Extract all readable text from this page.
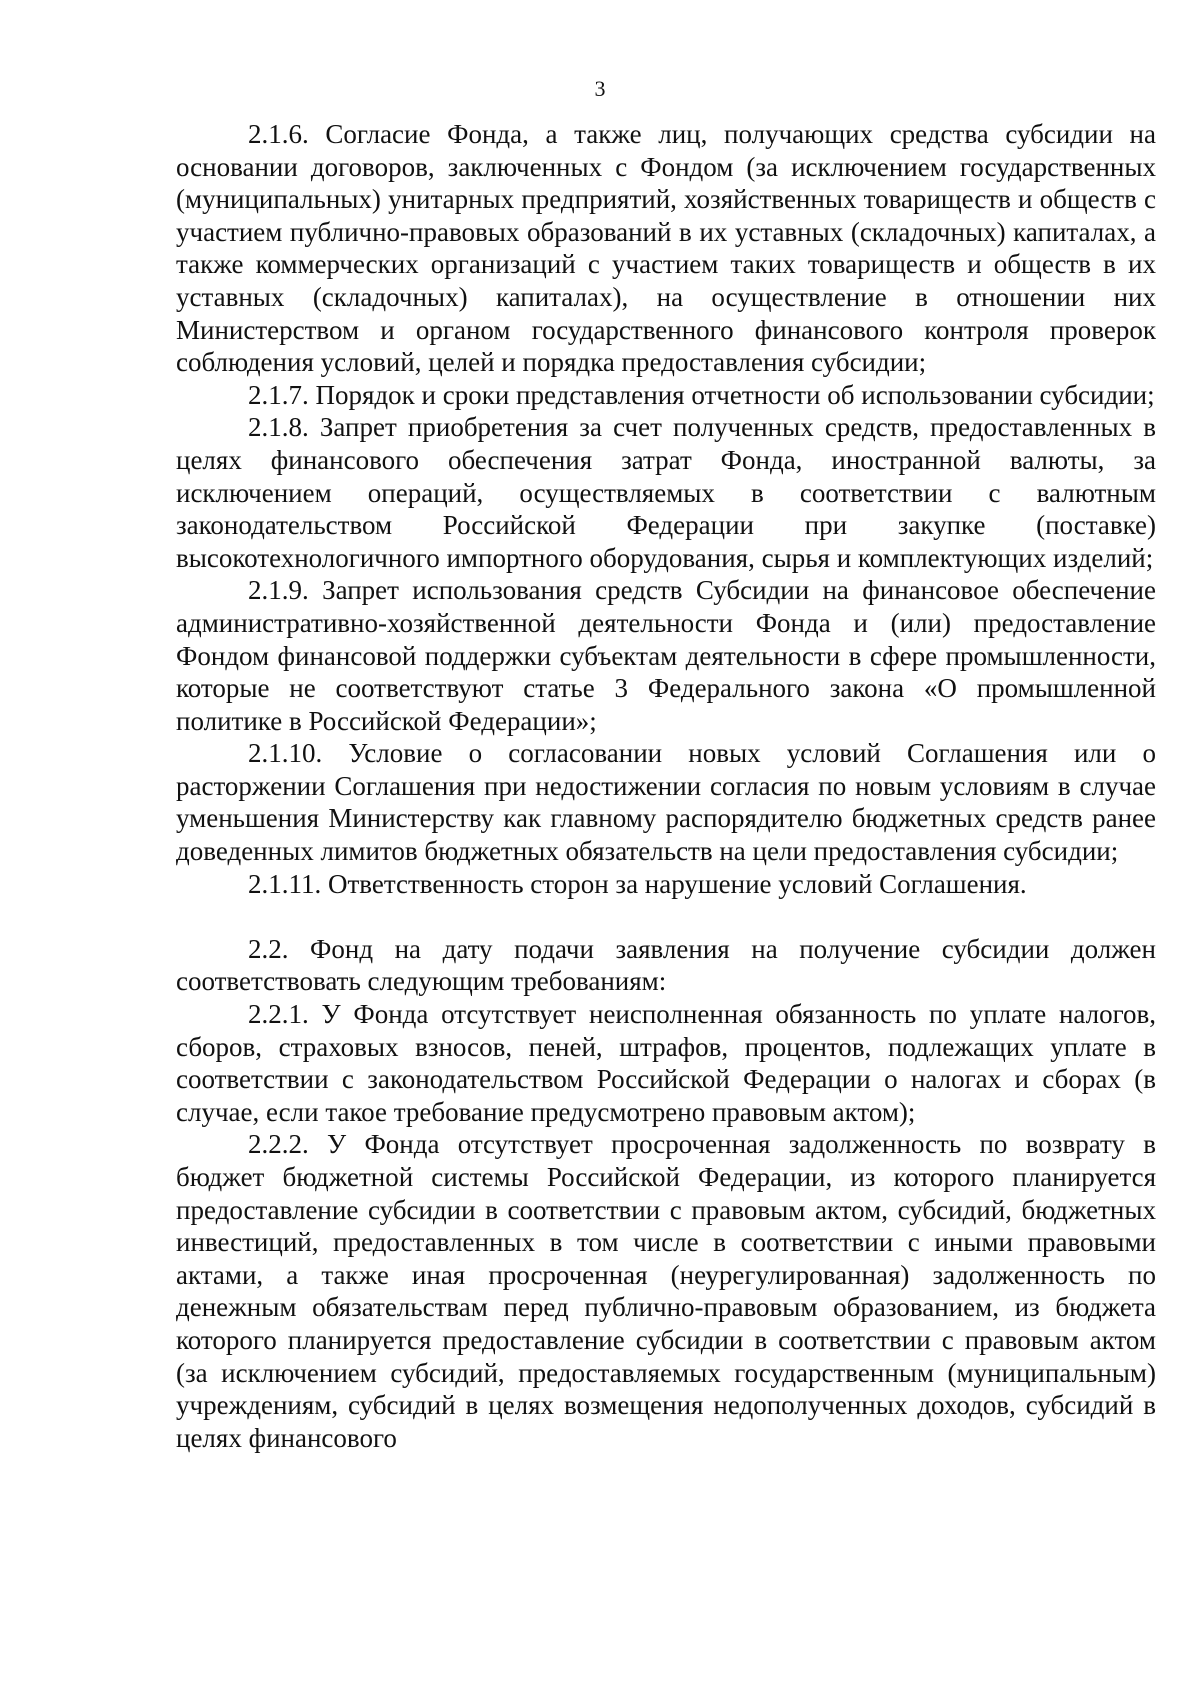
3

2.1.6. Согласие Фонда, а также лиц, получающих средства субсидии на основании договоров, заключенных с Фондом (за исключением государственных (муниципальных) унитарных предприятий, хозяйственных товариществ и обществ с участием публично-правовых образований в их уставных (складочных) капиталах, а также коммерческих организаций с участием таких товариществ и обществ в их уставных (складочных) капиталах), на осуществление в отношении них Министерством и органом государственного финансового контроля проверок соблюдения условий, целей и порядка предоставления субсидии;

2.1.7. Порядок и сроки представления отчетности об использовании субсидии;

2.1.8. Запрет приобретения за счет полученных средств, предоставленных в целях финансового обеспечения затрат Фонда, иностранной валюты, за исключением операций, осуществляемых в соответствии с валютным законодательством Российской Федерации при закупке (поставке) высокотехнологичного импортного оборудования, сырья и комплектующих изделий;

2.1.9. Запрет использования средств Субсидии на финансовое обеспечение административно-хозяйственной деятельности Фонда и (или) предоставление Фондом финансовой поддержки субъектам деятельности в сфере промышленности, которые не соответствуют статье 3 Федерального закона «О промышленной политике в Российской Федерации»;

2.1.10. Условие о согласовании новых условий Соглашения или о расторжении Соглашения при недостижении согласия по новым условиям в случае уменьшения Министерству как главному распорядителю бюджетных средств ранее доведенных лимитов бюджетных обязательств на цели предоставления субсидии;

2.1.11. Ответственность сторон за нарушение условий Соглашения.

2.2. Фонд на дату подачи заявления на получение субсидии должен соответствовать следующим требованиям:

2.2.1. У Фонда отсутствует неисполненная обязанность по уплате налогов, сборов, страховых взносов, пеней, штрафов, процентов, подлежащих уплате в соответствии с законодательством Российской Федерации о налогах и сборах (в случае, если такое требование предусмотрено правовым актом);

2.2.2. У Фонда отсутствует просроченная задолженность по возврату в бюджет бюджетной системы Российской Федерации, из которого планируется предоставление субсидии в соответствии с правовым актом, субсидий, бюджетных инвестиций, предоставленных в том числе в соответствии с иными правовыми актами, а также иная просроченная (неурегулированная) задолженность по денежным обязательствам перед публично-правовым образованием, из бюджета которого планируется предоставление субсидии в соответствии с правовым актом (за исключением субсидий, предоставляемых государственным (муниципальным) учреждениям, субсидий в целях возмещения недополученных доходов, субсидий в целях финансового
